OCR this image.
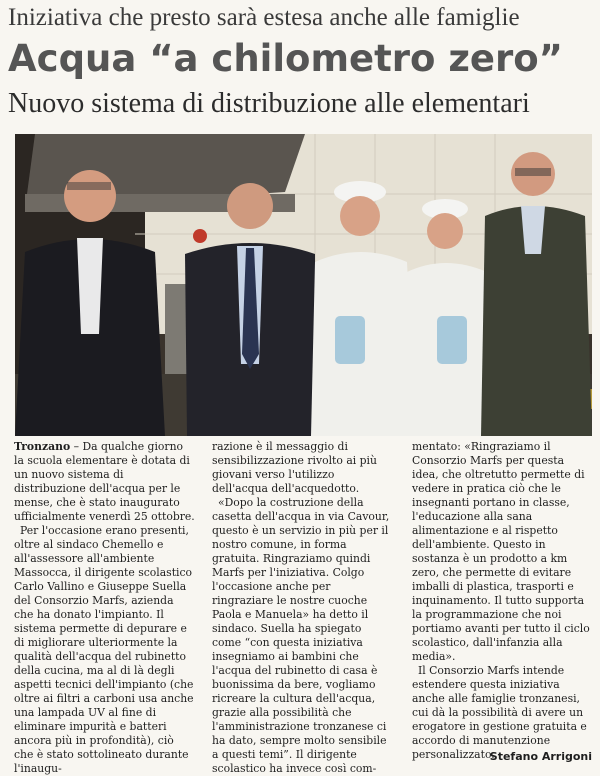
Iniziativa che presto sarà estesa anche alle famiglie
Acqua “a chilometro zero”
Nuovo sistema di distribuzione alle elementari

Tronzano – Da qualche giorno la scuola elementare è dotata di un nuovo sistema di distribuzione dell'acqua per le mense, che è stato inaugurato ufficialmente venerdì 25 ottobre.

Per l'occasione erano presenti, oltre al sindaco Chemello e all'assessore all'ambiente Massocca, il dirigente scolastico Carlo Vallino e Giuseppe Suella del Consorzio Marfs, azienda che ha donato l'impianto. Il sistema permette di depurare e di migliorare ulteriormente la qualità dell'acqua del rubinetto della cucina, ma al di là degli aspetti tecnici dell'impianto (che oltre ai filtri a carboni usa anche una lampada UV al fine di eliminare impurità e batteri ancora più in profondità), ciò che è stato sottolineato durante l'inaugu-

razione è il messaggio di sensibilizzazione rivolto ai più giovani verso l'utilizzo dell'acqua dell'acquedotto.

«Dopo la costruzione della casetta dell'acqua in via Cavour, questo è un servizio in più per il nostro comune, in forma gratuita. Ringraziamo quindi Marfs per l'iniziativa. Colgo l'occasione anche per ringraziare le nostre cuoche Paola e Manuela» ha detto il sindaco. Suella ha spiegato come “con questa iniziativa insegniamo ai bambini che l'acqua del rubinetto di casa è buonissima da bere, vogliamo ricreare la cultura dell'acqua, grazie alla possibilità che l'amministrazione tronzanese ci ha dato, sempre molto sensibile a questi temi”. Il dirigente scolastico ha invece così com-

mentato: «Ringraziamo il Consorzio Marfs per questa idea, che oltretutto permette di vedere in pratica ciò che le insegnanti portano in classe, l'educazione alla sana alimentazione e al rispetto dell'ambiente. Questo in sostanza è un prodotto a km zero, che permette di evitare imballi di plastica, trasporti e inquinamento. Il tutto supporta la programmazione che noi portiamo avanti per tutto il ciclo scolastico, dall'infanzia alla media».

Il Consorzio Marfs intende estendere questa iniziativa anche alle famiglie tronzanesi, cui dà la possibilità di avere un erogatore in gestione gratuita e accordo di manutenzione personalizzato.

Stefano Arrigoni
